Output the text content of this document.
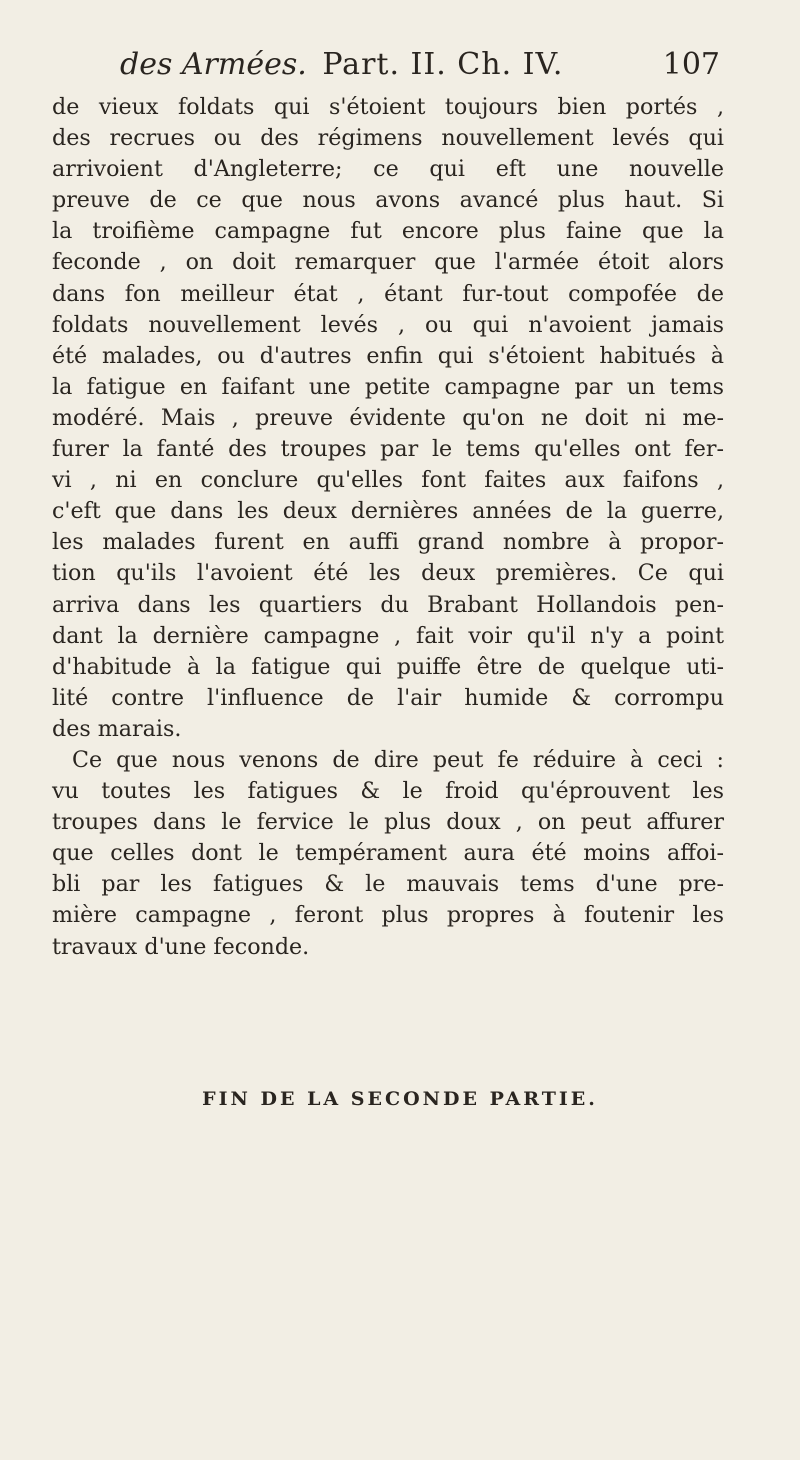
des Armées. Part. II. Ch. IV.	107
de vieux foldats qui s'étoient toujours bien portés ,
des recrues ou des régimens nouvellement levés qui
arrivoient d'Angleterre; ce qui eft une nouvelle
preuve de ce que nous avons avancé plus haut. Si
la troifième campagne fut encore plus faine que la
feconde , on doit remarquer que l'armée étoit alors
dans fon meilleur état , étant fur-tout compofée de
foldats nouvellement levés , ou qui n'avoient jamais
été malades, ou d'autres enfin qui s'étoient habitués à
la fatigue en faifant une petite campagne par un tems
modéré. Mais , preuve évidente qu'on ne doit ni me-
furer la fanté des troupes par le tems qu'elles ont fer-
vi , ni en conclure qu'elles font faites aux faifons ,
c'eft que dans les deux dernières années de la guerre,
les malades furent en auffi grand nombre à propor-
tion qu'ils l'avoient été les deux premières. Ce qui
arriva dans les quartiers du Brabant Hollandois pen-
dant la dernière campagne , fait voir qu'il n'y a point
d'habitude à la fatigue qui puiffe être de quelque uti-
lité contre l'influence de l'air humide & corrompu
des marais.
Ce que nous venons de dire peut fe réduire à ceci :
vu toutes les fatigues & le froid qu'éprouvent les
troupes dans le fervice le plus doux , on peut affurer
que celles dont le tempérament aura été moins affoi-
bli par les fatigues & le mauvais tems d'une pre-
mière campagne , feront plus propres à foutenir les
travaux d'une feconde.
FIN DE LA SECONDE PARTIE.
